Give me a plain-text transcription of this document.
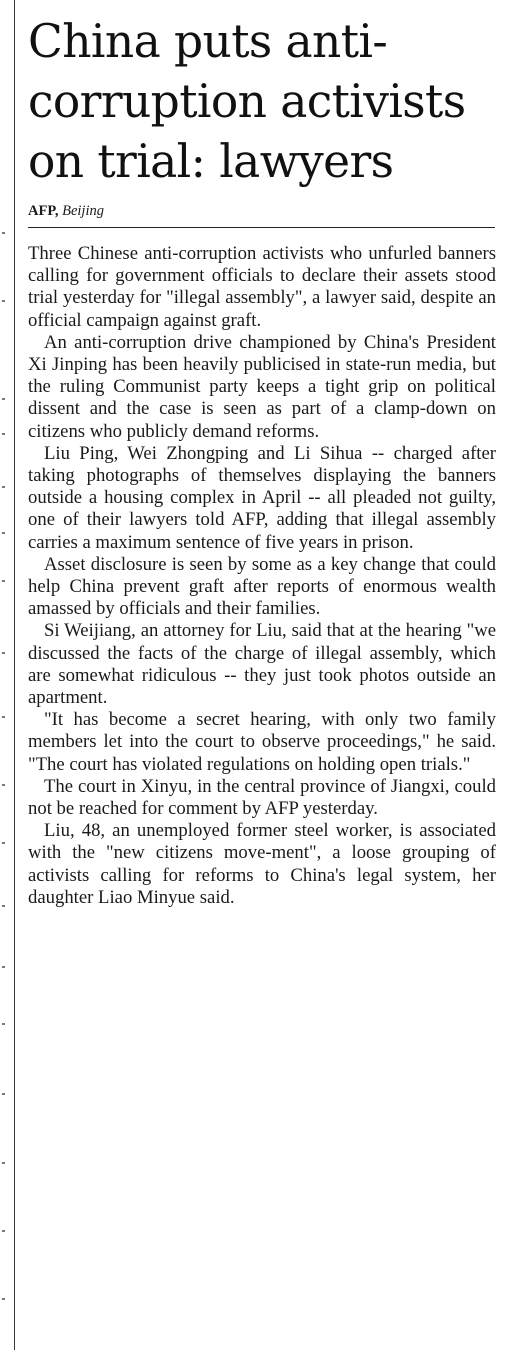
China puts anti-
corruption activists
on trial: lawyers
AFP, Beijing

Three Chinese anti-corruption activists who unfurled banners calling for government officials to declare their assets stood trial yesterday for "illegal assembly", a lawyer said, despite an official campaign against graft.

An anti-corruption drive championed by China's President Xi Jinping has been heavily publicised in state-run media, but the ruling Communist party keeps a tight grip on political dissent and the case is seen as part of a clamp-down on citizens who publicly demand reforms.

Liu Ping, Wei Zhongping and Li Sihua -- charged after taking photographs of themselves displaying the banners outside a housing complex in April -- all pleaded not guilty, one of their lawyers told AFP, adding that illegal assembly carries a maximum sentence of five years in prison.

Asset disclosure is seen by some as a key change that could help China prevent graft after reports of enormous wealth amassed by officials and their families.

Si Weijiang, an attorney for Liu, said that at the hearing "we discussed the facts of the charge of illegal assembly, which are somewhat ridiculous -- they just took photos outside an apartment.

"It has become a secret hearing, with only two family members let into the court to observe proceedings," he said. "The court has violated regulations on holding open trials."

The court in Xinyu, in the central province of Jiangxi, could not be reached for comment by AFP yesterday.

Liu, 48, an unemployed former steel worker, is associated with the "new citizens move-ment", a loose grouping of activists calling for reforms to China's legal system, her daughter Liao Minyue said.
